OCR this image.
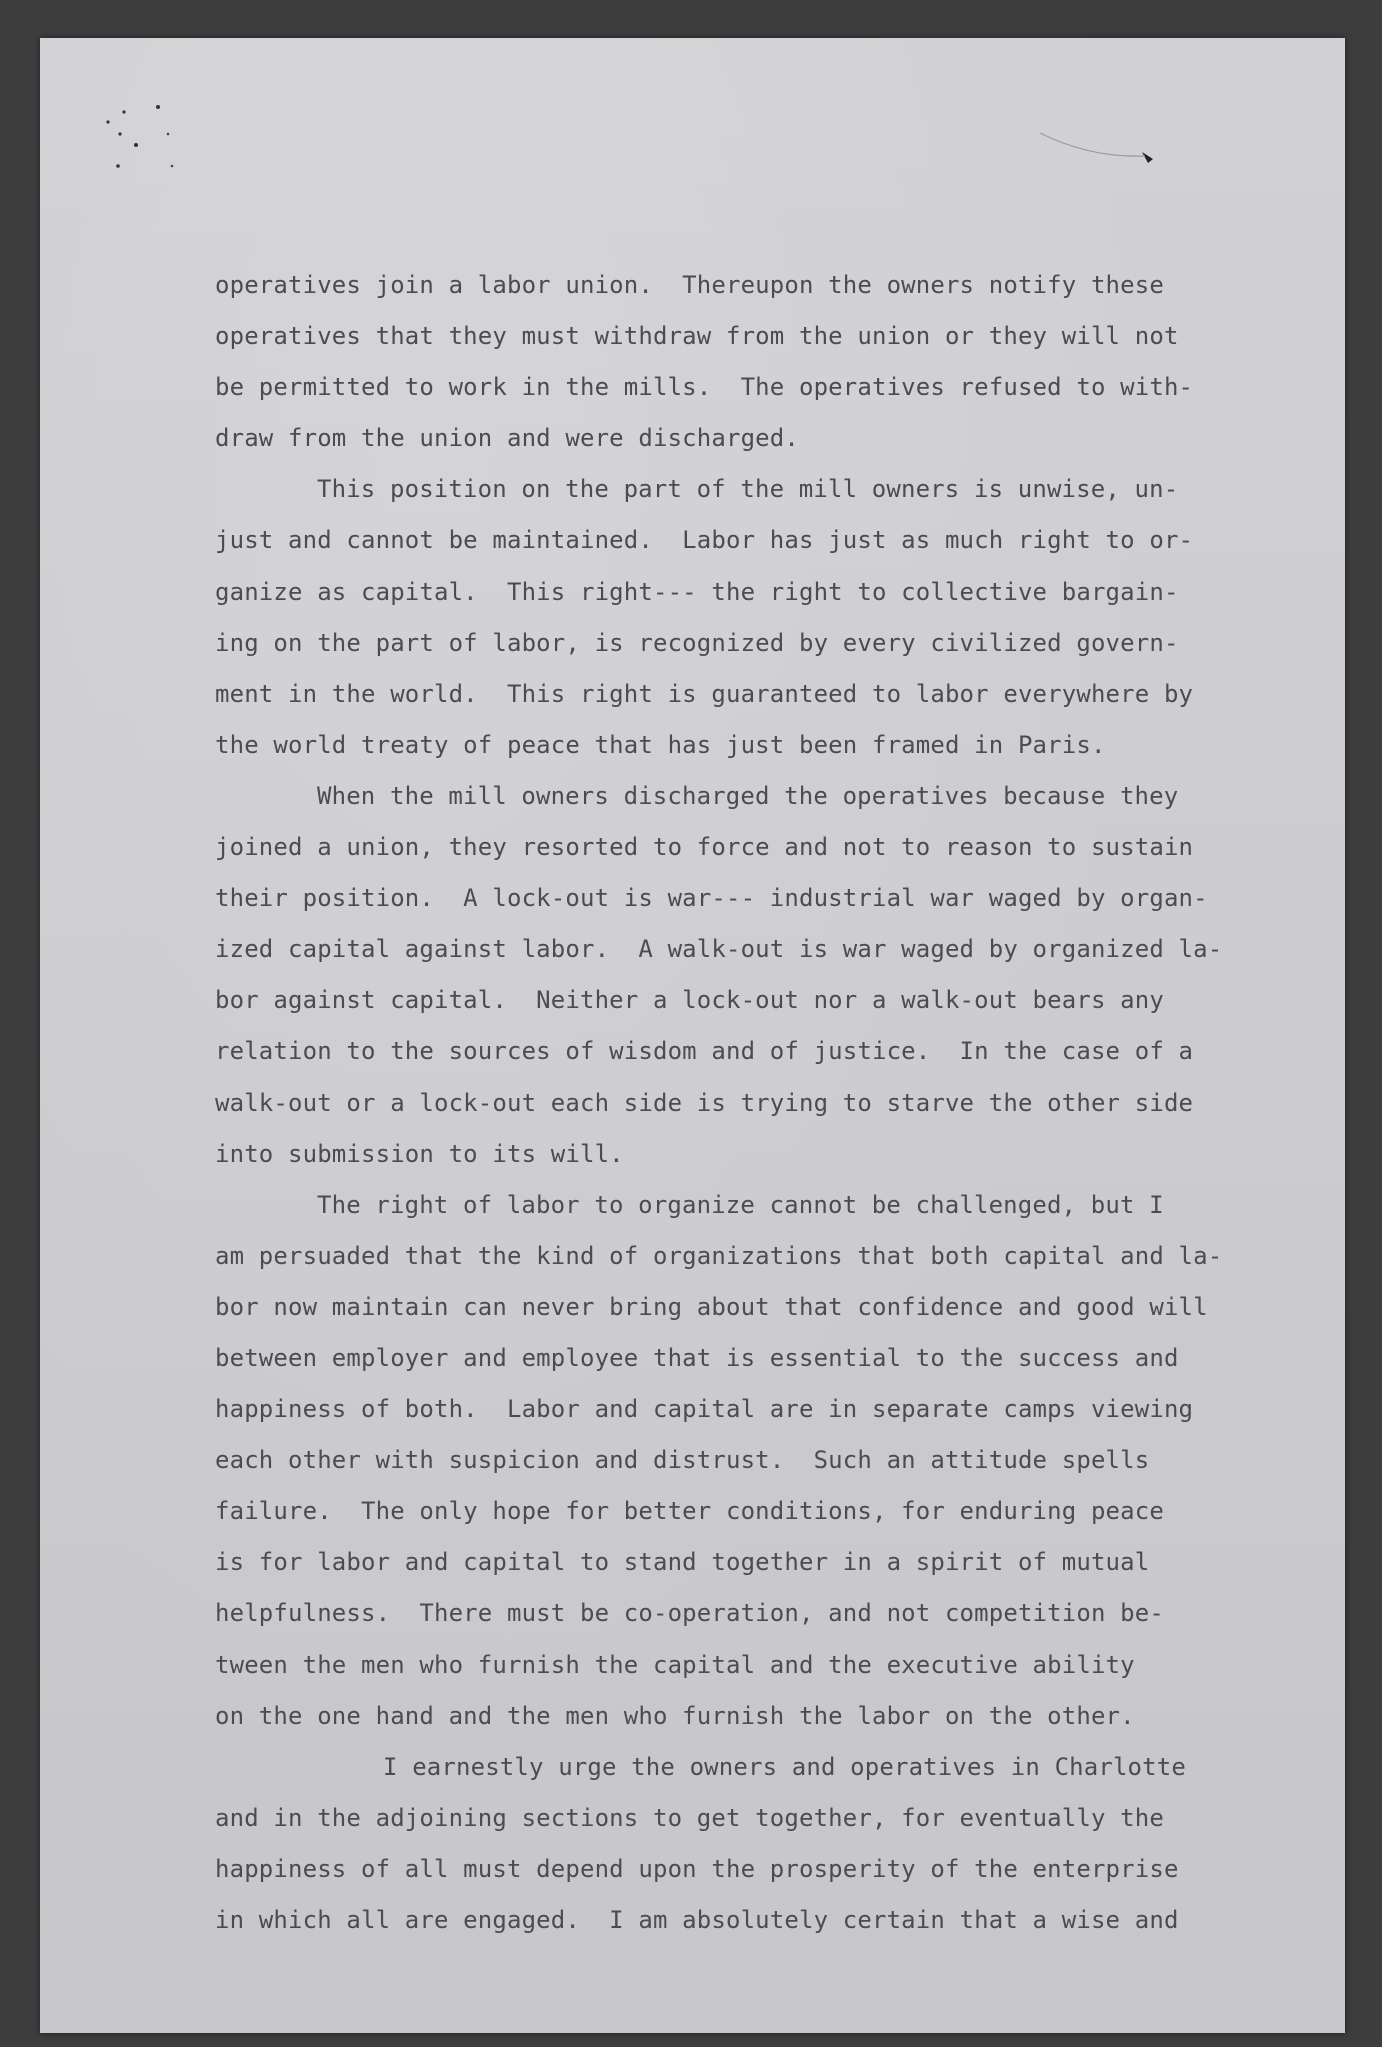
operatives join a labor union.  Thereupon the owners notify these
operatives that they must withdraw from the union or they will not
be permitted to work in the mills.  The operatives refused to with-
draw from the union and were discharged.
This position on the part of the mill owners is unwise, un-
just and cannot be maintained.  Labor has just as much right to or-
ganize as capital.  This right--- the right to collective bargain-
ing on the part of labor, is recognized by every civilized govern-
ment in the world.  This right is guaranteed to labor everywhere by
the world treaty of peace that has just been framed in Paris.
When the mill owners discharged the operatives because they
joined a union, they resorted to force and not to reason to sustain
their position.  A lock-out is war--- industrial war waged by organ-
ized capital against labor.  A walk-out is war waged by organized la-
bor against capital.  Neither a lock-out nor a walk-out bears any
relation to the sources of wisdom and of justice.  In the case of a
walk-out or a lock-out each side is trying to starve the other side
into submission to its will.
The right of labor to organize cannot be challenged, but I
am persuaded that the kind of organizations that both capital and la-
bor now maintain can never bring about that confidence and good will
between employer and employee that is essential to the success and
happiness of both.  Labor and capital are in separate camps viewing
each other with suspicion and distrust.  Such an attitude spells
failure.  The only hope for better conditions, for enduring peace
is for labor and capital to stand together in a spirit of mutual
helpfulness.  There must be co-operation, and not competition be-
tween the men who furnish the capital and the executive ability
on the one hand and the men who furnish the labor on the other.
I earnestly urge the owners and operatives in Charlotte
and in the adjoining sections to get together, for eventually the
happiness of all must depend upon the prosperity of the enterprise
in which all are engaged.  I am absolutely certain that a wise and
